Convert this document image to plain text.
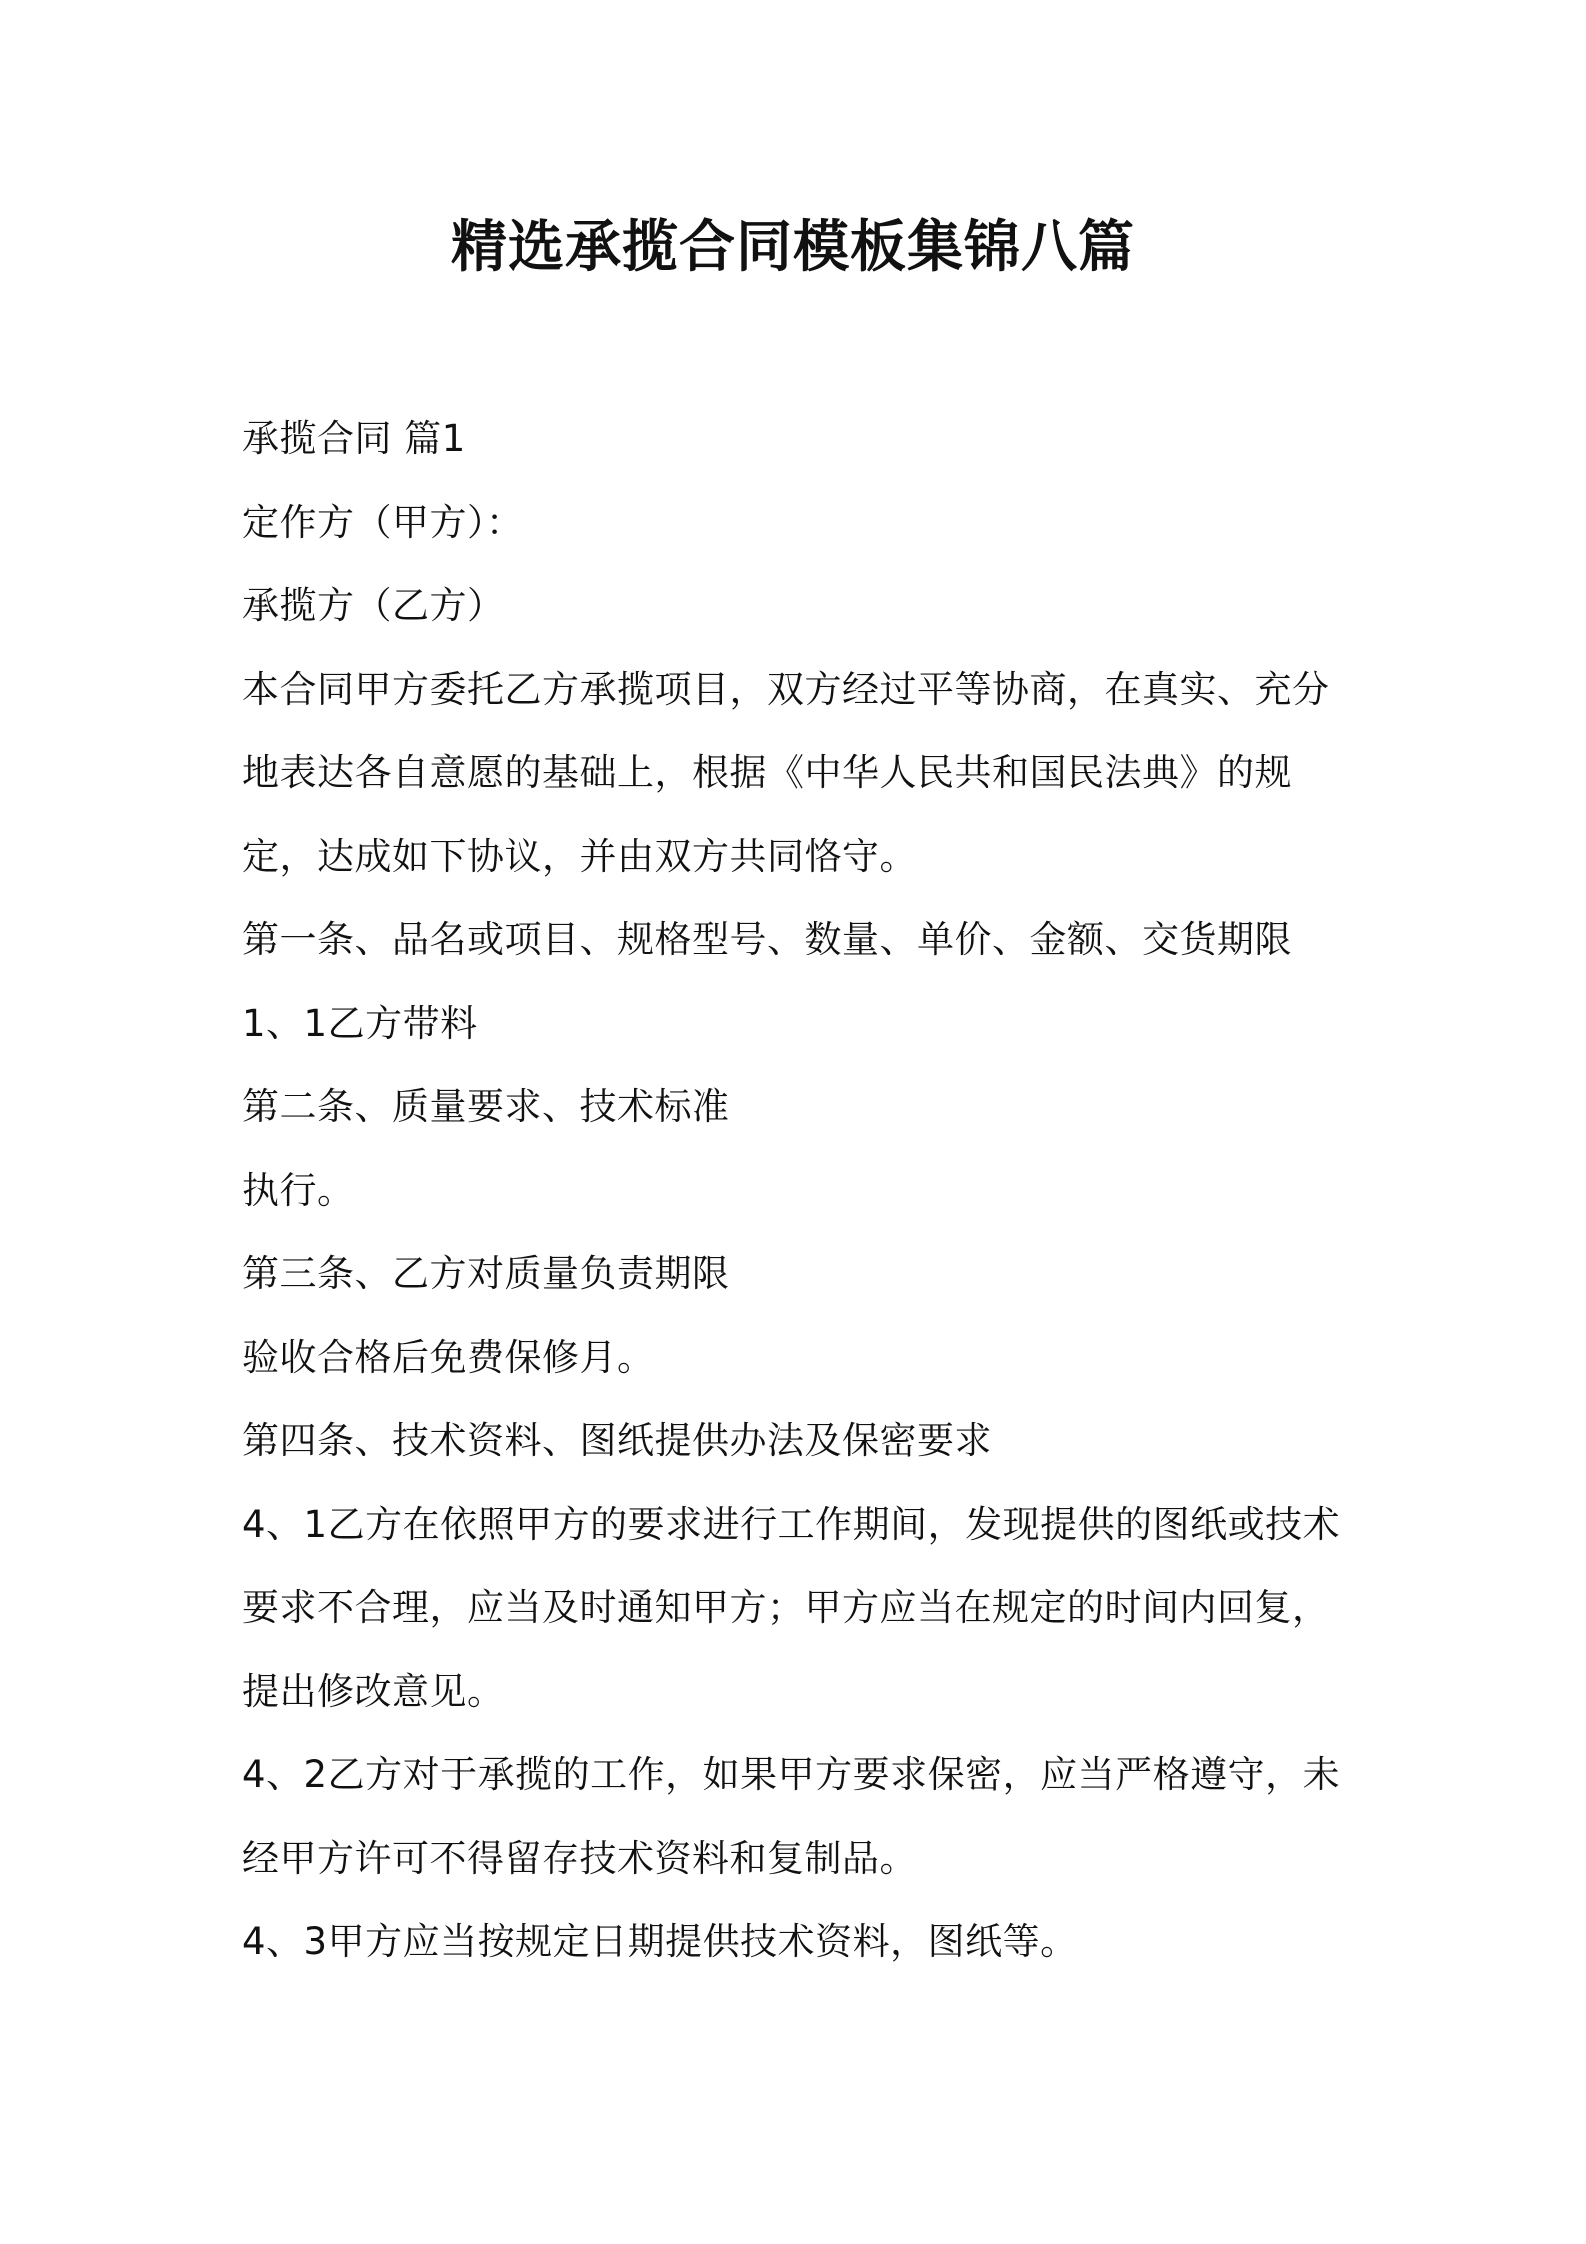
精选承揽合同模板集锦八篇

承揽合同 篇1

定作方（甲方）：

承揽方（乙方）

本合同甲方委托乙方承揽项目，双方经过平等协商，在真实、充分地表达各自意愿的基础上，根据《中华人民共和国民法典》的规定，达成如下协议，并由双方共同恪守。

第一条、品名或项目、规格型号、数量、单价、金额、交货期限

1、1乙方带料

第二条、质量要求、技术标准

执行。

第三条、乙方对质量负责期限

验收合格后免费保修月。

第四条、技术资料、图纸提供办法及保密要求

4、1乙方在依照甲方的要求进行工作期间，发现提供的图纸或技术要求不合理，应当及时通知甲方；甲方应当在规定的时间内回复，提出修改意见。

4、2乙方对于承揽的工作，如果甲方要求保密，应当严格遵守，未经甲方许可不得留存技术资料和复制品。

4、3甲方应当按规定日期提供技术资料，图纸等。
